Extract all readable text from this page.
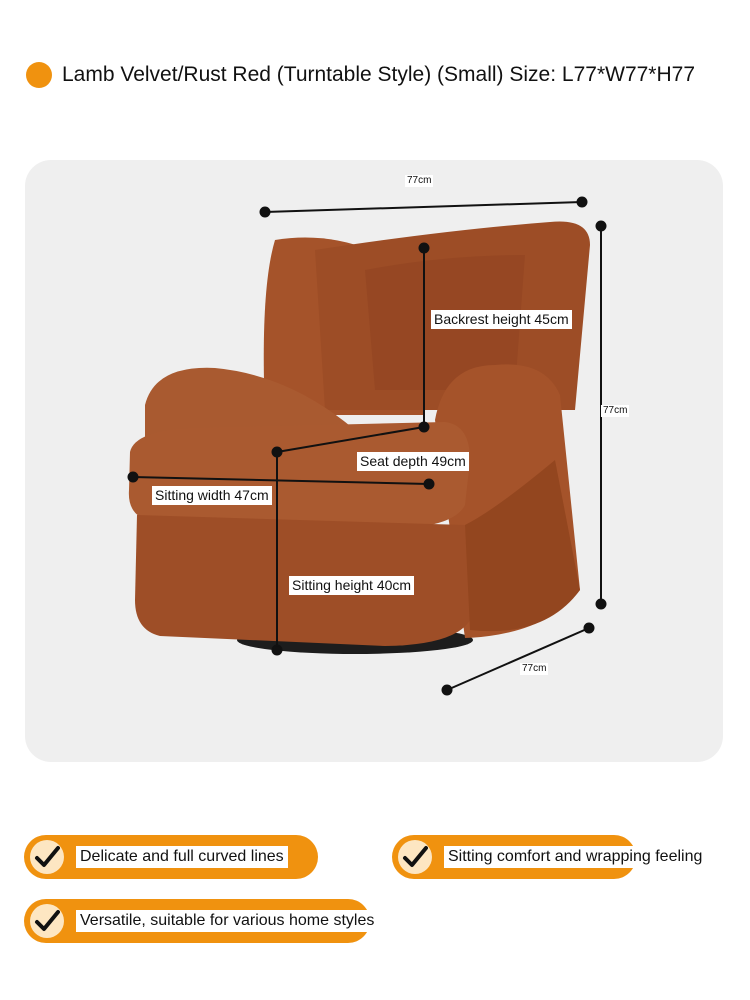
Lamb Velvet/Rust Red (Turntable Style) (Small) Size: L77*W77*H77
77cm
77cm
77cm
Backrest height 45cm
Seat depth 49cm
Sitting width 47cm
Sitting height 40cm
Delicate and full curved lines	Sitting comfort and wrapping feeling
Versatile, suitable for various home styles
